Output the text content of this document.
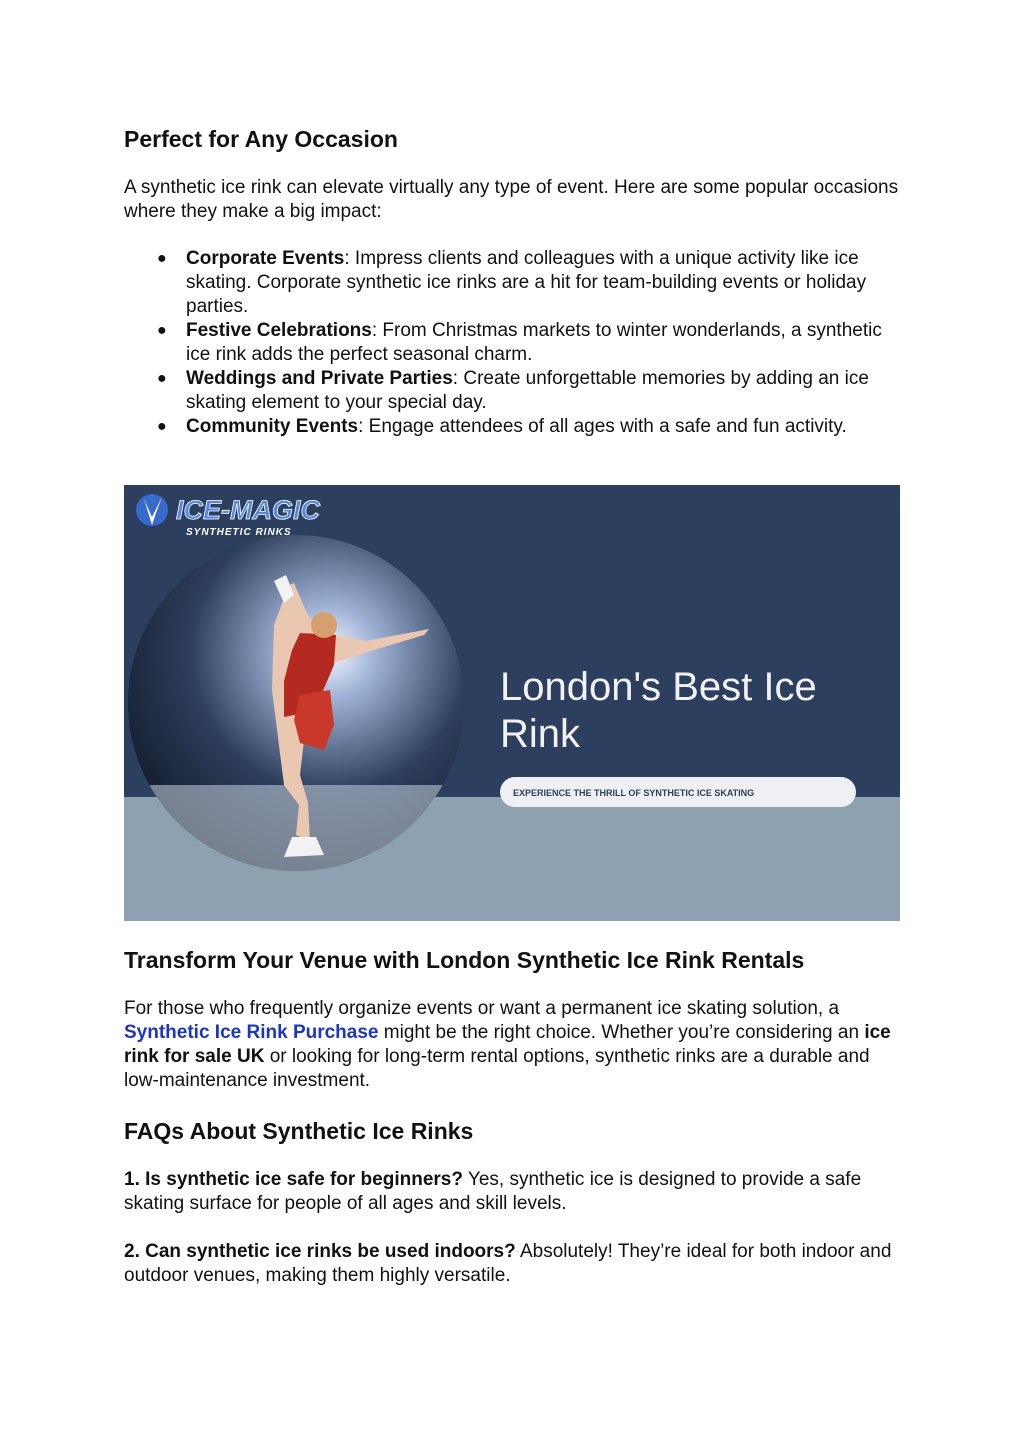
Perfect for Any Occasion

A synthetic ice rink can elevate virtually any type of event. Here are some popular occasions where they make a big impact:

● Corporate Events: Impress clients and colleagues with a unique activity like ice skating. Corporate synthetic ice rinks are a hit for team-building events or holiday parties.
● Festive Celebrations: From Christmas markets to winter wonderlands, a synthetic ice rink adds the perfect seasonal charm.
● Weddings and Private Parties: Create unforgettable memories by adding an ice skating element to your special day.
● Community Events: Engage attendees of all ages with a safe and fun activity.
ICE-MAGIC
SYNTHETIC RINKS
London's Best Ice
Rink
EXPERIENCE THE THRILL OF SYNTHETIC ICE SKATING
Transform Your Venue with London Synthetic Ice Rink Rentals

For those who frequently organize events or want a permanent ice skating solution, a Synthetic Ice Rink Purchase might be the right choice. Whether you’re considering an ice rink for sale UK or looking for long-term rental options, synthetic rinks are a durable and low-maintenance investment.

FAQs About Synthetic Ice Rinks

1. Is synthetic ice safe for beginners? Yes, synthetic ice is designed to provide a safe skating surface for people of all ages and skill levels.

2. Can synthetic ice rinks be used indoors? Absolutely! They’re ideal for both indoor and outdoor venues, making them highly versatile.
